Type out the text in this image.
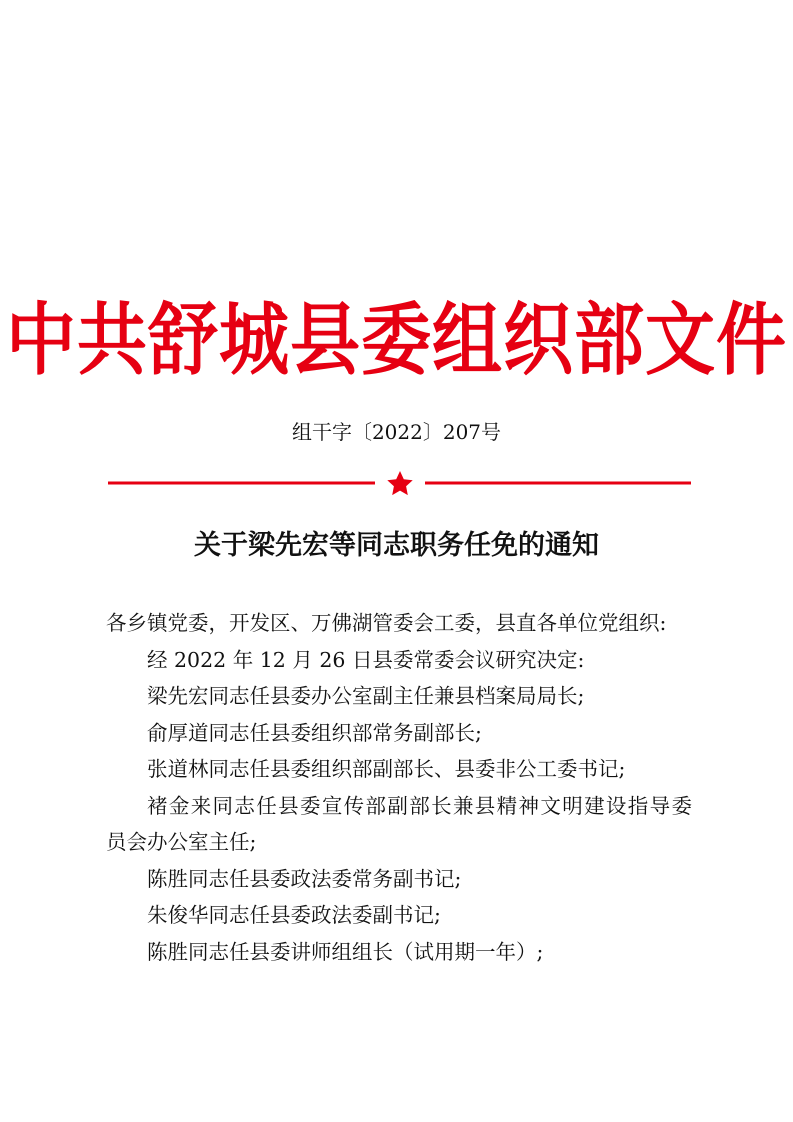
中共舒城县委组织部文件
组干字〔2022〕207号
关于梁先宏等同志职务任免的通知

各乡镇党委，开发区、万佛湖管委会工委，县直各单位党组织:

经 2022 年 12 月 26 日县委常委会议研究决定:

梁先宏同志任县委办公室副主任兼县档案局局长;

俞厚道同志任县委组织部常务副部长;

张道林同志任县委组织部副部长、县委非公工委书记;

褚金来同志任县委宣传部副部长兼县精神文明建设指导委

员会办公室主任;

陈胜同志任县委政法委常务副书记;

朱俊华同志任县委政法委副书记;

陈胜同志任县委讲师组组长（试用期一年）;
